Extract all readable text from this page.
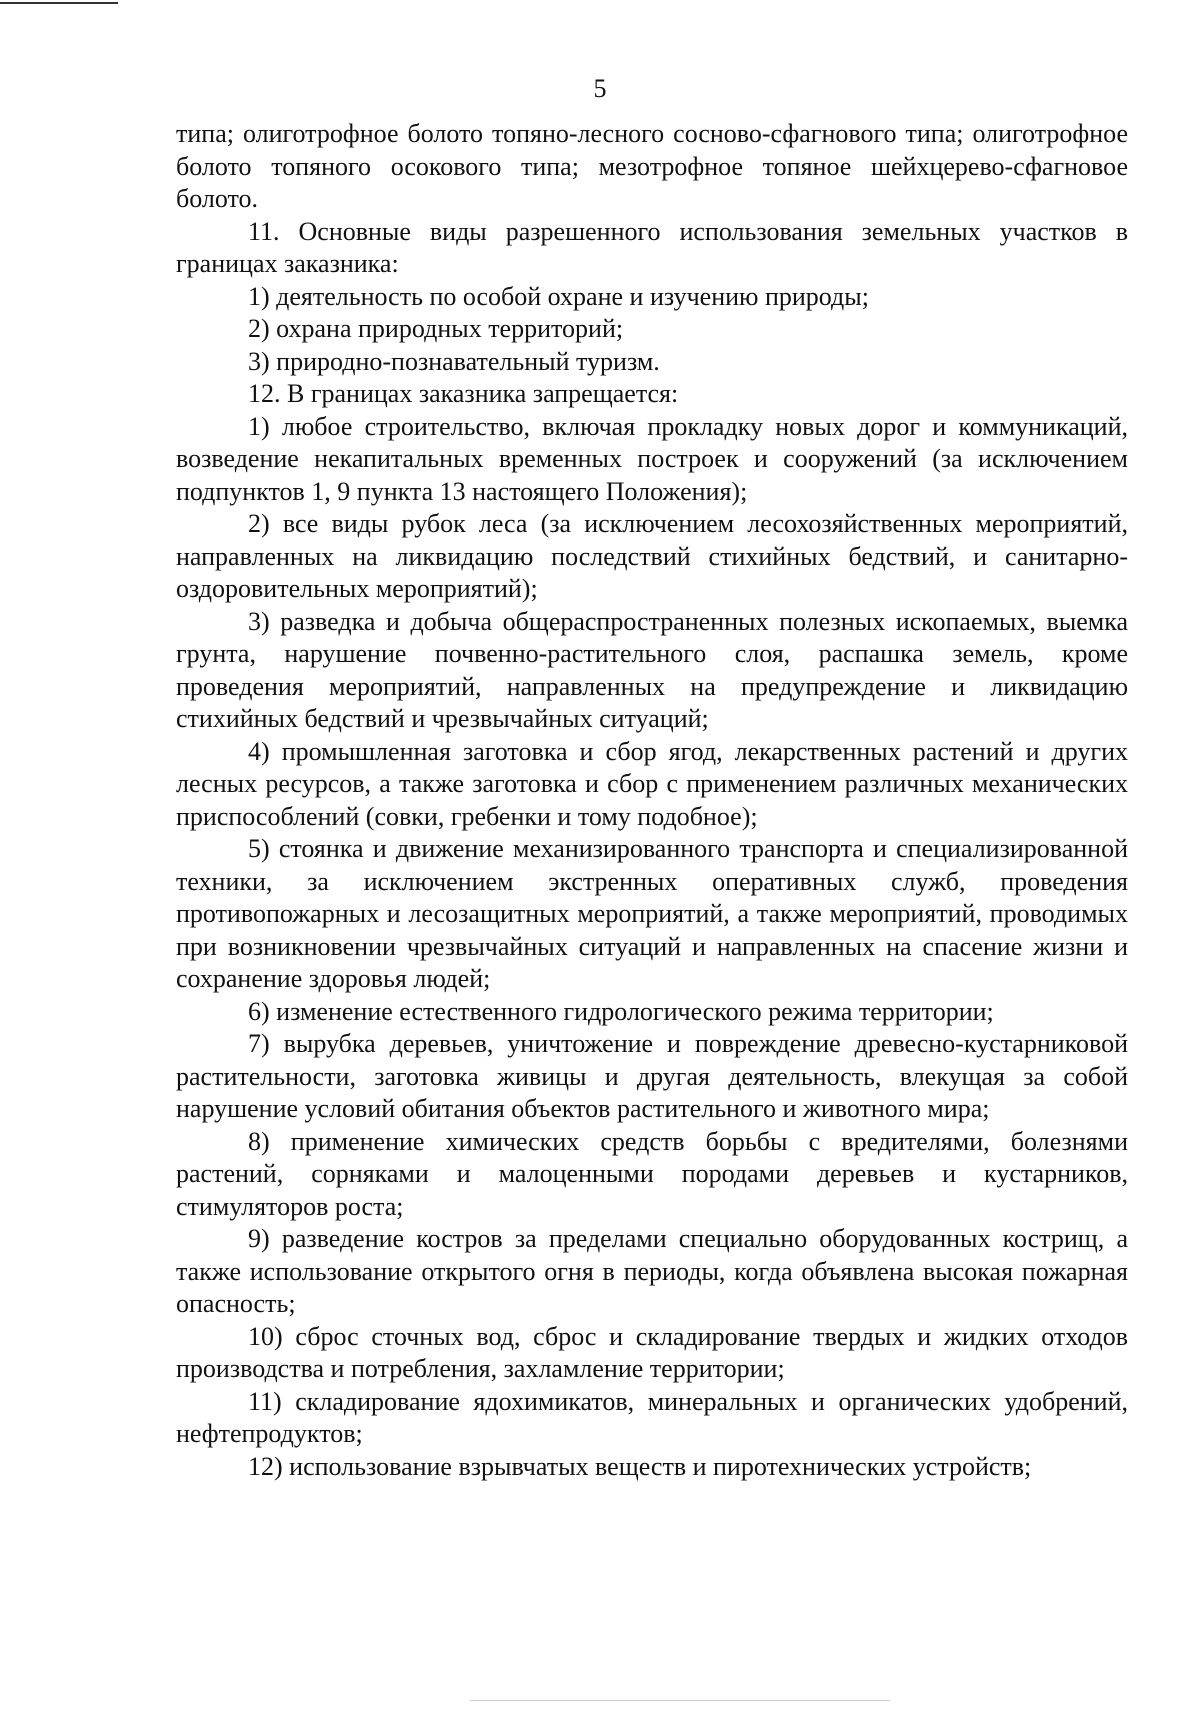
5

типа; олиготрофное болото топяно-лесного сосново-сфагнового типа; олиготрофное болото топяного осокового типа; мезотрофное топяное шейхцерево-сфагновое болото.

11. Основные виды разрешенного использования земельных участков в границах заказника:

1) деятельность по особой охране и изучению природы;

2) охрана природных территорий;

3) природно-познавательный туризм.

12. В границах заказника запрещается:

1) любое строительство, включая прокладку новых дорог и коммуникаций, возведение некапитальных временных построек и сооружений (за исключением подпунктов 1, 9 пункта 13 настоящего Положения);

2) все виды рубок леса (за исключением лесохозяйственных мероприятий, направленных на ликвидацию последствий стихийных бедствий, и санитарно-оздоровительных мероприятий);

3) разведка и добыча общераспространенных полезных ископаемых, выемка грунта, нарушение почвенно-растительного слоя, распашка земель, кроме проведения мероприятий, направленных на предупреждение и ликвидацию стихийных бедствий и чрезвычайных ситуаций;

4) промышленная заготовка и сбор ягод, лекарственных растений и других лесных ресурсов, а также заготовка и сбор с применением различных механических приспособлений (совки, гребенки и тому подобное);

5) стоянка и движение механизированного транспорта и специализированной техники, за исключением экстренных оперативных служб, проведения противопожарных и лесозащитных мероприятий, а также мероприятий, проводимых при возникновении чрезвычайных ситуаций и направленных на спасение жизни и сохранение здоровья людей;

6) изменение естественного гидрологического режима территории;

7) вырубка деревьев, уничтожение и повреждение древесно-кустарниковой растительности, заготовка живицы и другая деятельность, влекущая за собой нарушение условий обитания объектов растительного и животного мира;

8) применение химических средств борьбы с вредителями, болезнями растений, сорняками и малоценными породами деревьев и кустарников, стимуляторов роста;

9) разведение костров за пределами специально оборудованных кострищ, а также использование открытого огня в периоды, когда объявлена высокая пожарная опасность;

10) сброс сточных вод, сброс и складирование твердых и жидких отходов производства и потребления, захламление территории;

11) складирование ядохимикатов, минеральных и органических удобрений, нефтепродуктов;

12) использование взрывчатых веществ и пиротехнических устройств;
